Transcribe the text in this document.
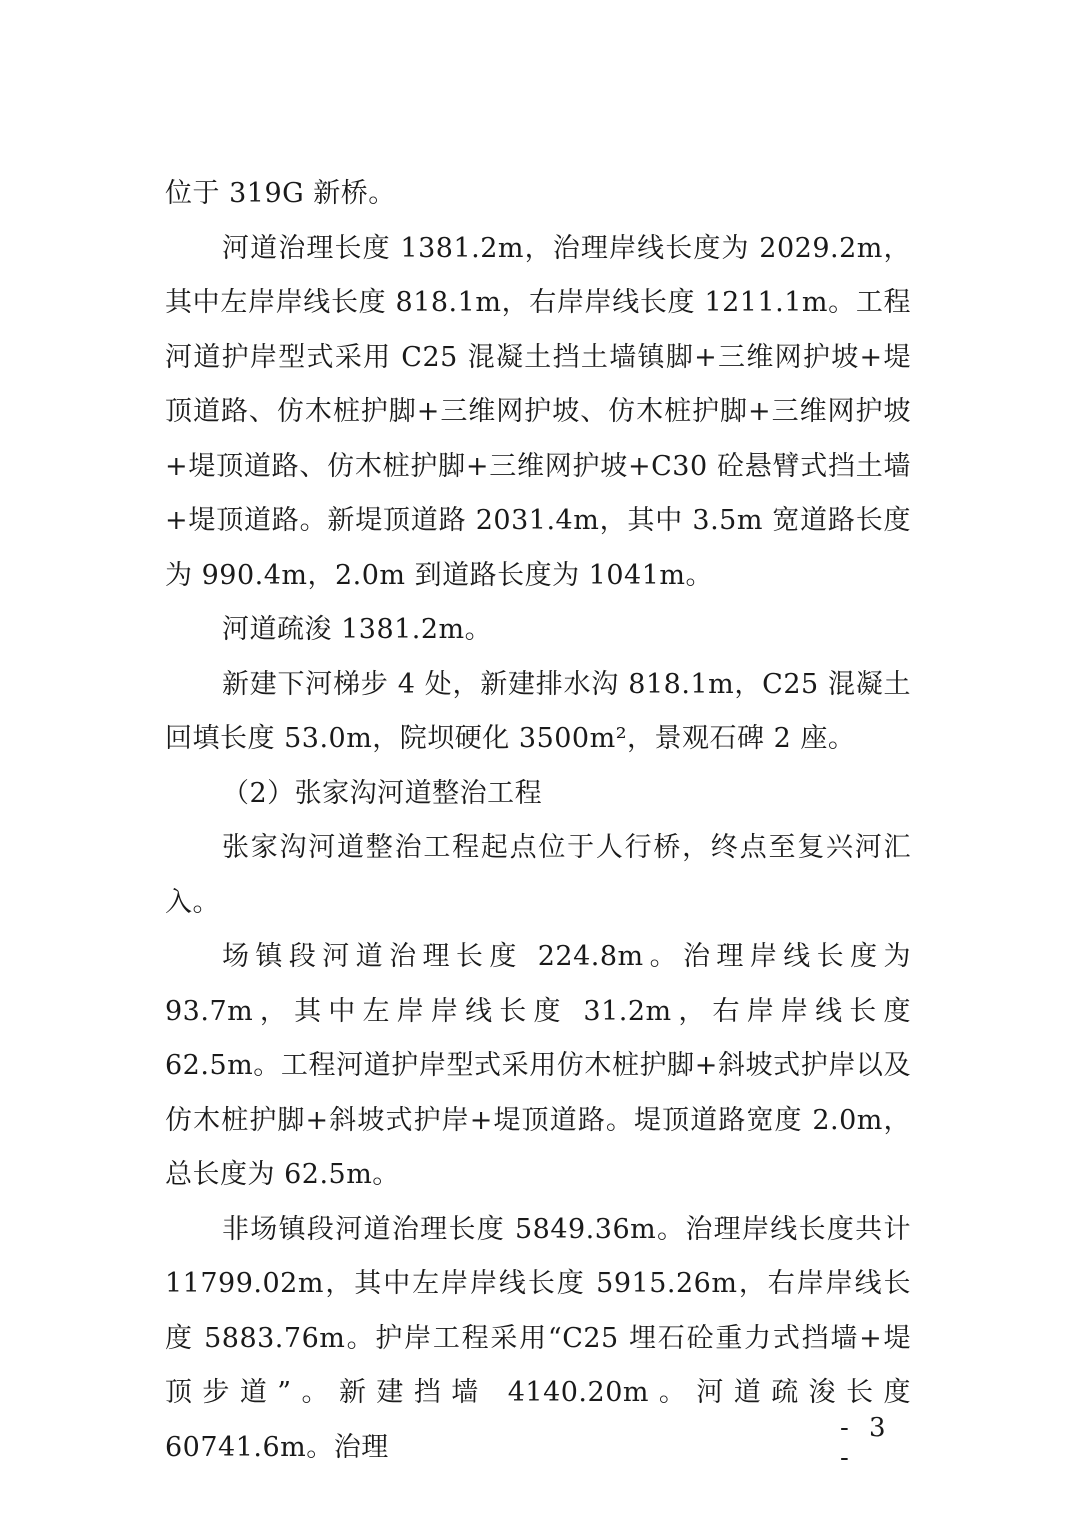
位于 319G 新桥。

河道治理长度 1381.2m，治理岸线长度为 2029.2m，其中左岸岸线长度 818.1m，右岸岸线长度 1211.1m。工程河道护岸型式采用 C25 混凝土挡土墙镇脚+三维网护坡+堤顶道路、仿木桩护脚+三维网护坡、仿木桩护脚+三维网护坡+堤顶道路、仿木桩护脚+三维网护坡+C30 砼悬臂式挡土墙+堤顶道路。新堤顶道路 2031.4m，其中 3.5m 宽道路长度为 990.4m，2.0m 到道路长度为 1041m。

河道疏浚 1381.2m。

新建下河梯步 4 处，新建排水沟 818.1m，C25 混凝土回填长度 53.0m，院坝硬化 3500m²，景观石碑 2 座。

（2）张家沟河道整治工程

张家沟河道整治工程起点位于人行桥，终点至复兴河汇入。

场镇段河道治理长度 224.8m。治理岸线长度为 93.7m，其中左岸岸线长度 31.2m，右岸岸线长度 62.5m。工程河道护岸型式采用仿木桩护脚+斜坡式护岸以及仿木桩护脚+斜坡式护岸+堤顶道路。堤顶道路宽度 2.0m，总长度为 62.5m。

非场镇段河道治理长度 5849.36m。治理岸线长度共计 11799.02m，其中左岸岸线长度 5915.26m，右岸岸线长度 5883.76m。护岸工程采用“C25 埋石砼重力式挡墙+堤顶步道”。新建挡墙 4140.20m。河道疏浚长度 60741.6m。治理

- 3 -
